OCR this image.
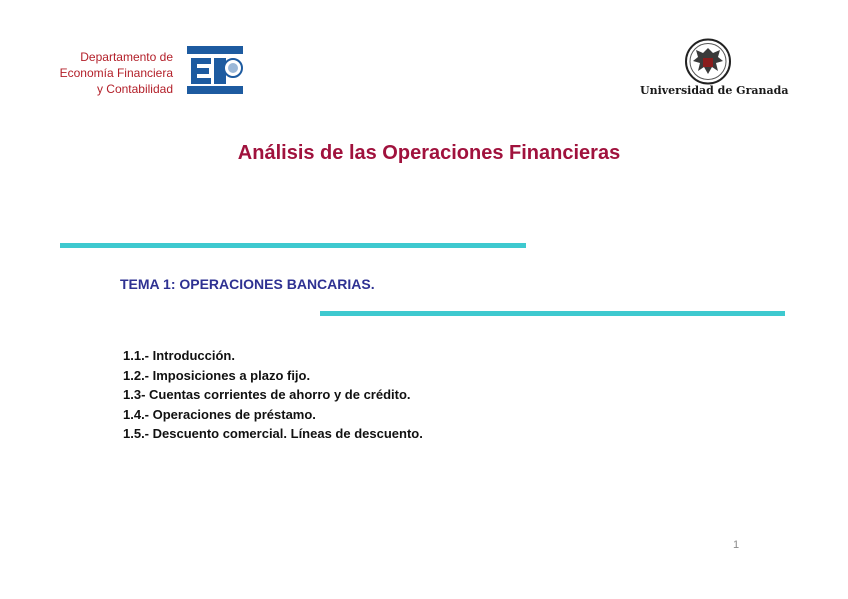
Departamento de
Economía Financiera
y Contabilidad	Universidad de Granada
Análisis de las Operaciones Financieras
TEMA 1: OPERACIONES BANCARIAS.
1.1.- Introducción.
1.2.- Imposiciones a plazo fijo.
1.3- Cuentas corrientes de ahorro y de crédito.
1.4.- Operaciones de préstamo.
1.5.- Descuento comercial. Líneas de descuento.
1
